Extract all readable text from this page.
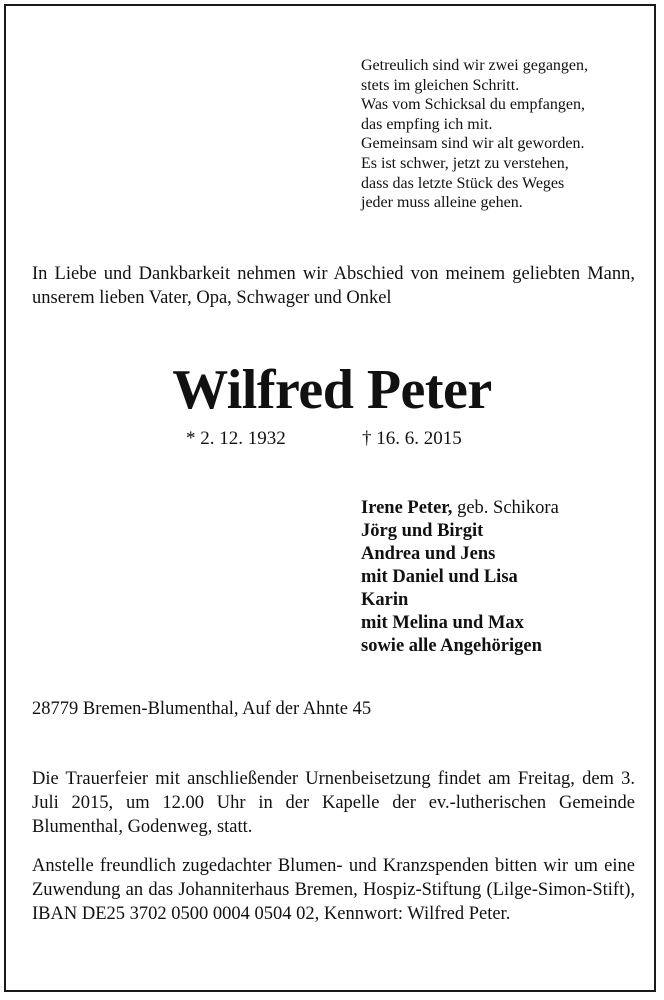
Getreulich sind wir zwei gegangen,
stets im gleichen Schritt.
Was vom Schicksal du empfangen,
das empfing ich mit.
Gemeinsam sind wir alt geworden.
Es ist schwer, jetzt zu verstehen,
dass das letzte Stück des Weges
jeder muss alleine gehen.
In Liebe und Dankbarkeit nehmen wir Abschied von meinem geliebten Mann, unserem lieben Vater, Opa, Schwager und Onkel
Wilfred Peter
* 2. 12. 1932	† 16. 6. 2015
Irene Peter, geb. Schikora
Jörg und Birgit
Andrea und Jens
mit Daniel und Lisa
Karin
mit Melina und Max
sowie alle Angehörigen
28779 Bremen-Blumenthal, Auf der Ahnte 45
Die Trauerfeier mit anschließender Urnenbeisetzung findet am Freitag, dem 3. Juli 2015, um 12.00 Uhr in der Kapelle der ev.-lutherischen Gemeinde Blumenthal, Godenweg, statt.
Anstelle freundlich zugedachter Blumen- und Kranzspenden bitten wir um eine Zuwendung an das Johanniterhaus Bremen, Hospiz-Stiftung (Lilge-Simon-Stift), IBAN DE25 3702 0500 0004 0504 02, Kennwort: Wilfred Peter.
